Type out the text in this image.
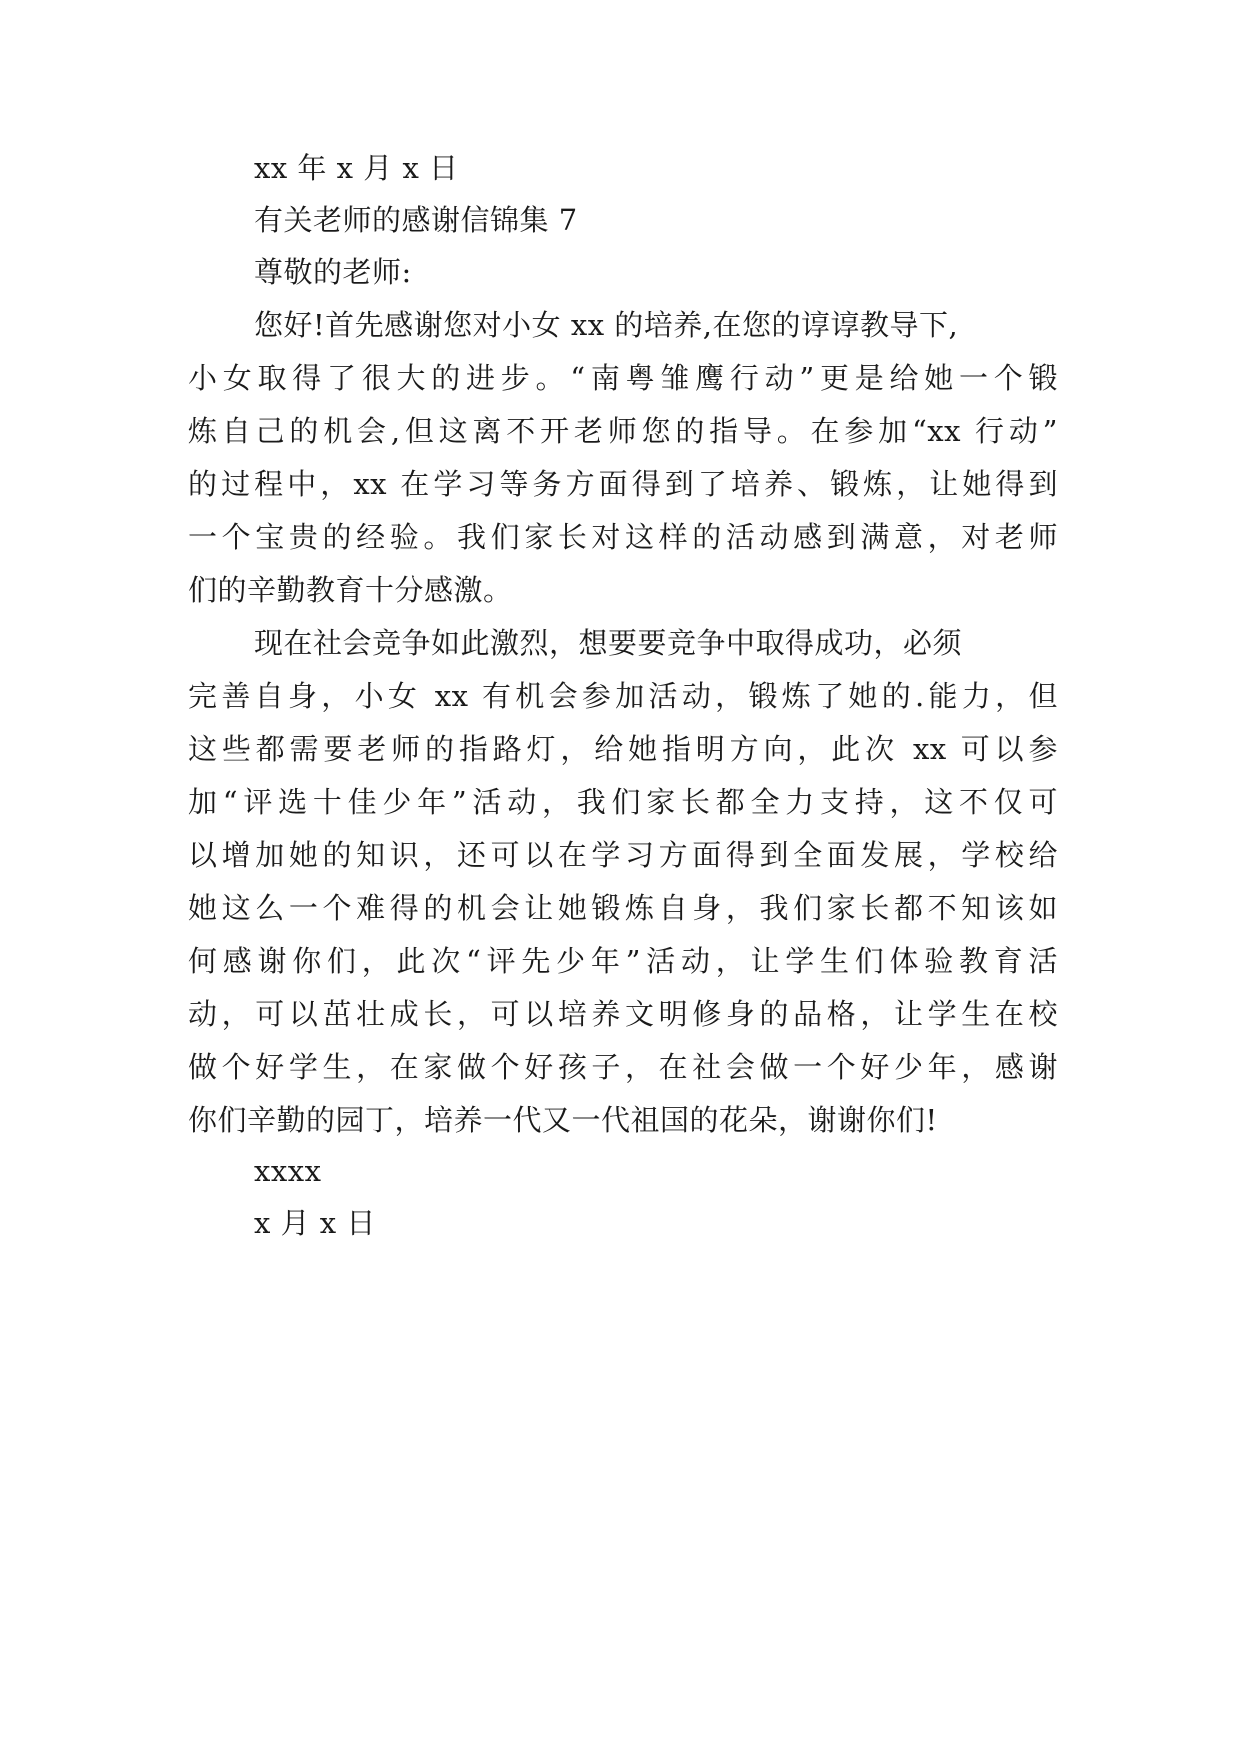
xx 年 x 月 x 日
有关老师的感谢信锦集 7
尊敬的老师:
您好!首先感谢您对小女 xx 的培养,在您的谆谆教导下,
小女取得了很大的进步。“南粤雏鹰行动”更是给她一个锻
炼自己的机会,但这离不开老师您的指导。在参加“xx 行动”
的过程中，xx 在学习等务方面得到了培养、锻炼，让她得到
一个宝贵的经验。我们家长对这样的活动感到满意，对老师
们的辛勤教育十分感激。
现在社会竞争如此激烈，想要要竞争中取得成功，必须
完善自身，小女 xx 有机会参加活动，锻炼了她的.能力，但
这些都需要老师的指路灯，给她指明方向，此次 xx 可以参
加“评选十佳少年”活动，我们家长都全力支持，这不仅可
以增加她的知识，还可以在学习方面得到全面发展，学校给
她这么一个难得的机会让她锻炼自身，我们家长都不知该如
何感谢你们，此次“评先少年”活动，让学生们体验教育活
动，可以茁壮成长，可以培养文明修身的品格，让学生在校
做个好学生，在家做个好孩子，在社会做一个好少年，感谢
你们辛勤的园丁，培养一代又一代祖国的花朵，谢谢你们!
xxxx
x 月 x 日
